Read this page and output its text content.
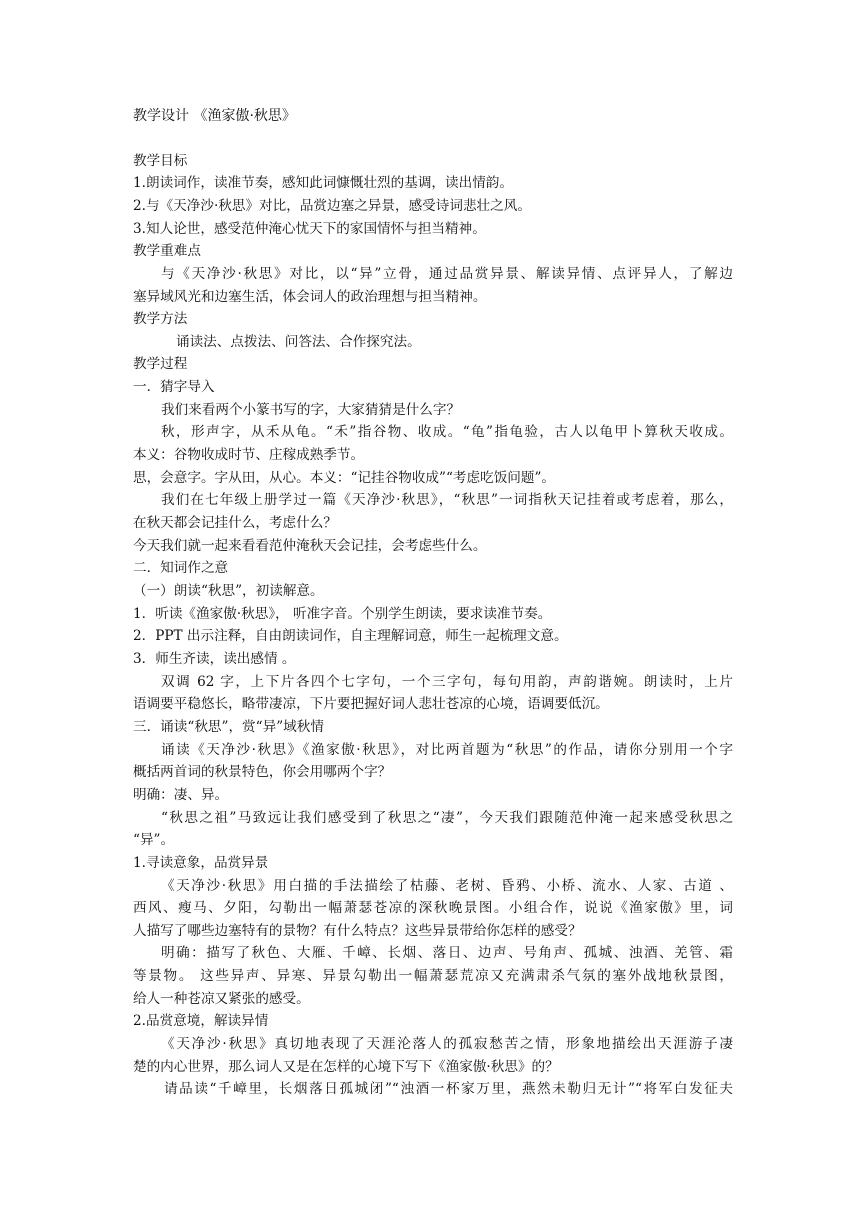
教学设计 《渔家傲·秋思》
教学目标
1.朗读词作，读准节奏，感知此词慷慨壮烈的基调，读出情韵。
2.与《天净沙·秋思》对比，品赏边塞之异景，感受诗词悲壮之风。
3.知人论世，感受范仲淹心忧天下的家国情怀与担当精神。
教学重难点
与《天净沙·秋思》对比，以“异”立骨，通过品赏异景、解读异情、点评异人，了解边
塞异域风光和边塞生活，体会词人的政治理想与担当精神。
教学方法
诵读法、点拨法、问答法、合作探究法。
教学过程
一．猜字导入
我们来看两个小篆书写的字，大家猜猜是什么字？
秋，形声字，从禾从龟。“禾”指谷物、收成。“龟”指龟验，古人以龟甲卜算秋天收成。
本义：谷物收成时节、庄稼成熟季节。
思，会意字。字从田，从心。本义：“记挂谷物收成”“考虑吃饭问题”。
我们在七年级上册学过一篇《天净沙·秋思》，“秋思”一词指秋天记挂着或考虑着，那么，
在秋天都会记挂什么，考虑什么？
今天我们就一起来看看范仲淹秋天会记挂，会考虑些什么。
二．知词作之意
（一）朗读“秋思”，初读解意。
1．听读《渔家傲·秋思》， 听准字音。个别学生朗读，要求读准节奏。
2．PPT 出示注释，自由朗读词作，自主理解词意，师生一起梳理文意。
3．师生齐读，读出感情 。
双调 62 字，上下片各四个七字句，一个三字句，每句用韵，声韵谐婉。朗读时，上片
语调要平稳悠长，略带凄凉，下片要把握好词人悲壮苍凉的心境，语调要低沉。
三．诵读“秋思”，赏“异”域秋情
诵读《天净沙·秋思》《渔家傲·秋思》，对比两首题为“秋思”的作品，请你分别用一个字
概括两首词的秋景特色，你会用哪两个字？
明确：凄、异。
“秋思之祖”马致远让我们感受到了秋思之“凄”，今天我们跟随范仲淹一起来感受秋思之
“异”。
1.寻读意象，品赏异景
《天净沙·秋思》用白描的手法描绘了枯藤、老树、昏鸦、小桥、流水、人家、古道 、
西风、瘦马、夕阳，勾勒出一幅萧瑟苍凉的深秋晚景图。小组合作，说说《渔家傲》里，词
人描写了哪些边塞特有的景物？有什么特点？这些异景带给你怎样的感受？
明确：描写了秋色、大雁、千嶂、长烟、落日、边声、号角声、孤城、浊酒、羌管、霜
等景物。 这些异声、异寒、异景勾勒出一幅萧瑟荒凉又充满肃杀气氛的塞外战地秋景图，
给人一种苍凉又紧张的感受。
2.品赏意境，解读异情
《天净沙·秋思》真切地表现了天涯沦落人的孤寂愁苦之情，形象地描绘出天涯游子凄
楚的内心世界，那么词人又是在怎样的心境下写下《渔家傲·秋思》的？
请品读“千嶂里，长烟落日孤城闭”“浊酒一杯家万里，燕然未勒归无计”“将军白发征夫
